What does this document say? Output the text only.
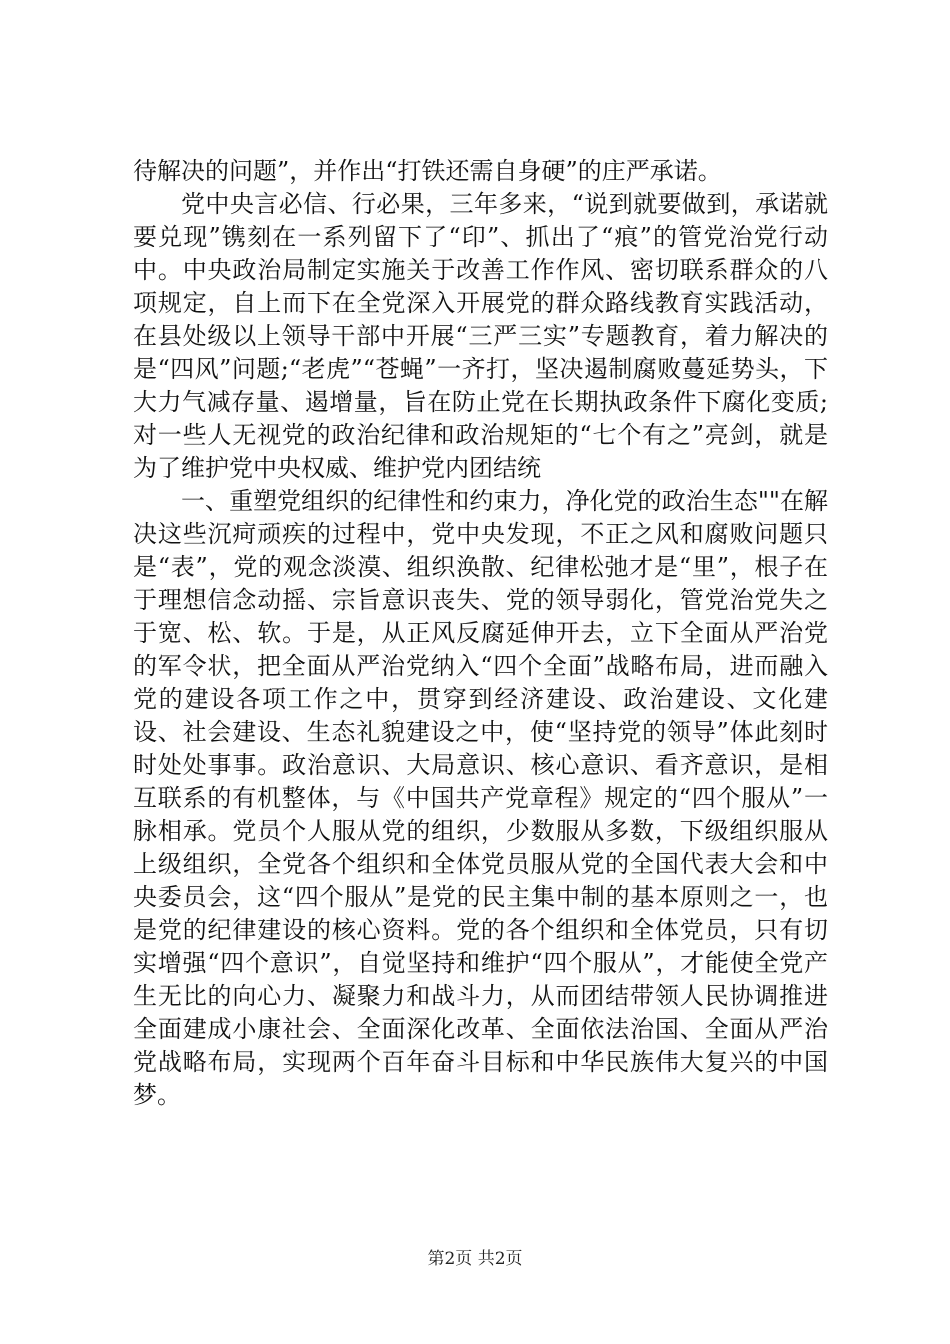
待解决的问题”，并作出“打铁还需自身硬”的庄严承诺。

党中央言必信、行必果，三年多来，“说到就要做到，承诺就要兑现”镌刻在一系列留下了“印”、抓出了“痕”的管党治党行动中。中央政治局制定实施关于改善工作作风、密切联系群众的八项规定，自上而下在全党深入开展党的群众路线教育实践活动，在县处级以上领导干部中开展“三严三实”专题教育，着力解决的是“四风”问题;“老虎”“苍蝇”一齐打，坚决遏制腐败蔓延势头，下大力气减存量、遏增量，旨在防止党在长期执政条件下腐化变质;对一些人无视党的政治纪律和政治规矩的“七个有之”亮剑，就是为了维护党中央权威、维护党内团结统

一、重塑党组织的纪律性和约束力，净化党的政治生态""在解决这些沉疴顽疾的过程中，党中央发现，不正之风和腐败问题只是“表”，党的观念淡漠、组织涣散、纪律松弛才是“里”，根子在于理想信念动摇、宗旨意识丧失、党的领导弱化，管党治党失之于宽、松、软。于是，从正风反腐延伸开去，立下全面从严治党的军令状，把全面从严治党纳入“四个全面”战略布局，进而融入党的建设各项工作之中，贯穿到经济建设、政治建设、文化建设、社会建设、生态礼貌建设之中，使“坚持党的领导”体此刻时时处处事事。政治意识、大局意识、核心意识、看齐意识，是相互联系的有机整体，与《中国共产党章程》规定的“四个服从”一脉相承。党员个人服从党的组织，少数服从多数，下级组织服从上级组织，全党各个组织和全体党员服从党的全国代表大会和中央委员会，这“四个服从”是党的民主集中制的基本原则之一，也是党的纪律建设的核心资料。党的各个组织和全体党员，只有切实增强“四个意识”，自觉坚持和维护“四个服从”，才能使全党产生无比的向心力、凝聚力和战斗力，从而团结带领人民协调推进全面建成小康社会、全面深化改革、全面依法治国、全面从严治党战略布局，实现两个百年奋斗目标和中华民族伟大复兴的中国梦。

第2页 共2页
